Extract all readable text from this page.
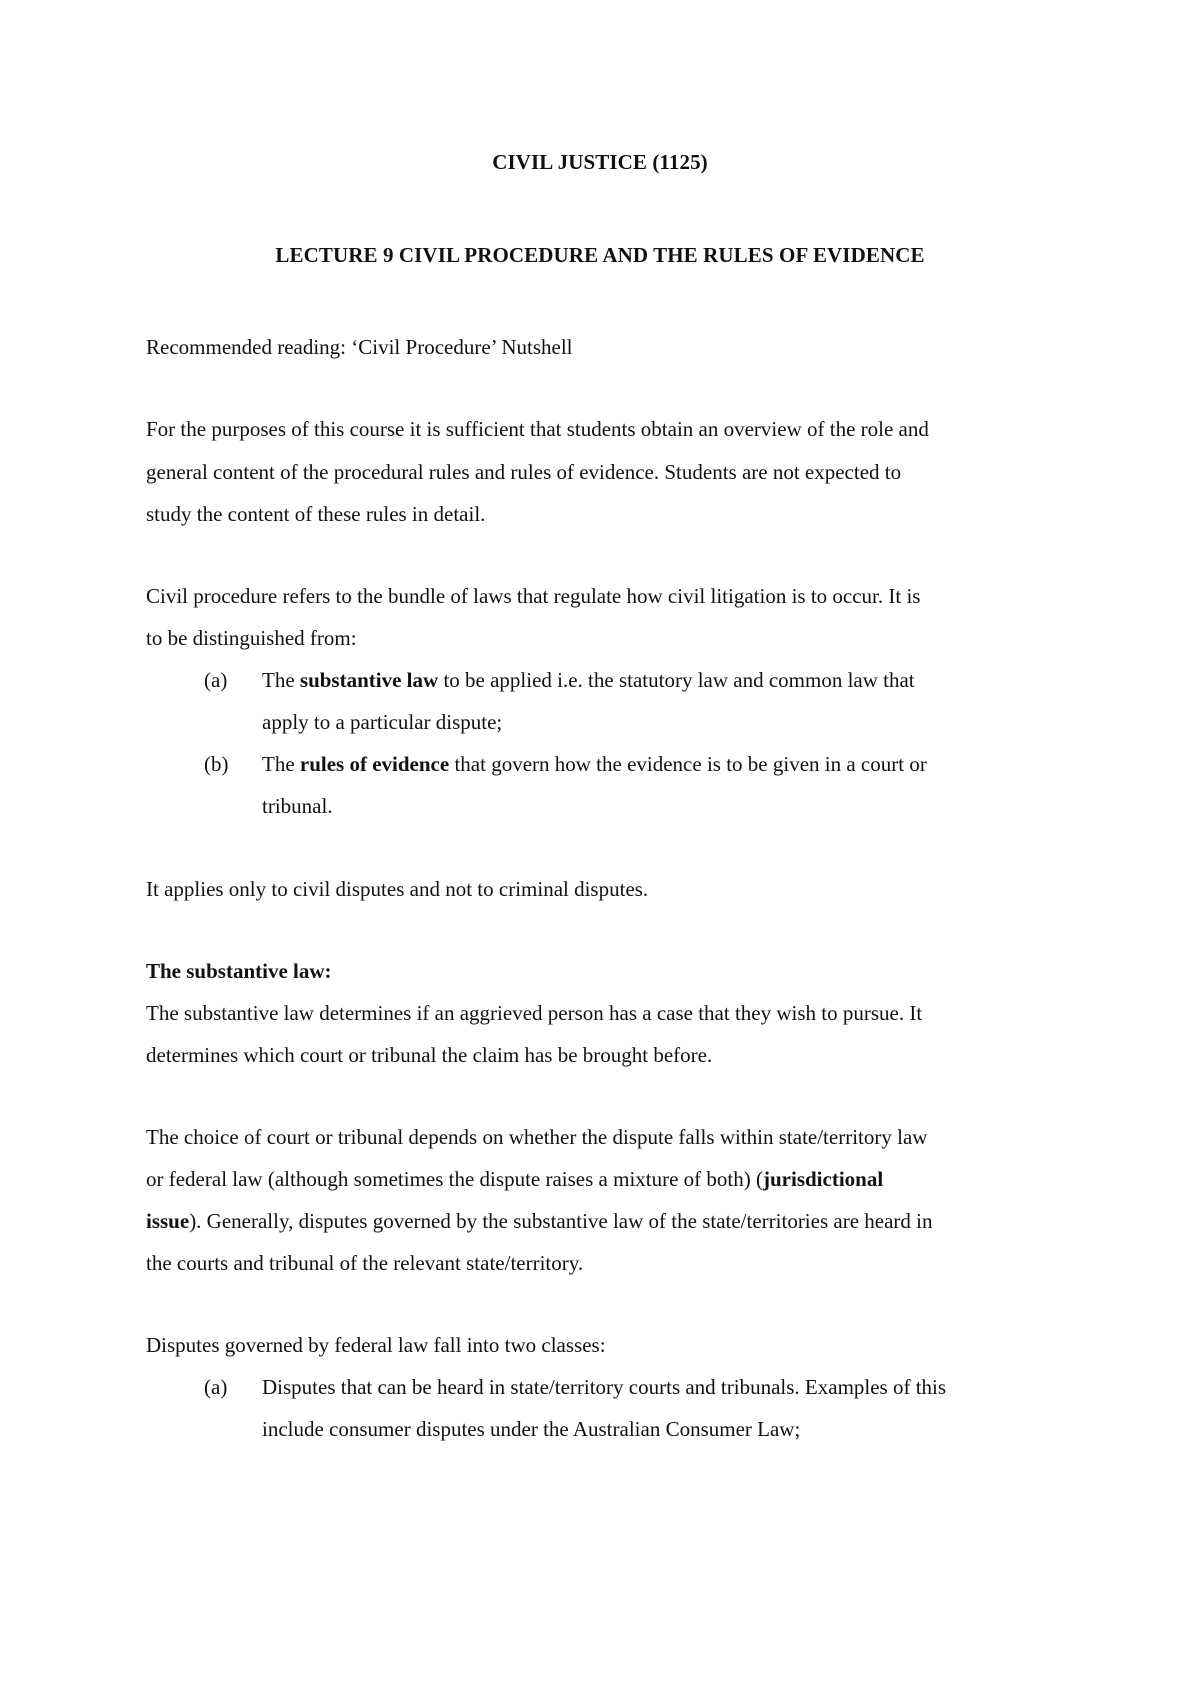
CIVIL JUSTICE (1125)
LECTURE 9 CIVIL PROCEDURE AND THE RULES OF EVIDENCE
Recommended reading: ‘Civil Procedure’ Nutshell
For the purposes of this course it is sufficient that students obtain an overview of the role and
general content of the procedural rules and rules of evidence. Students are not expected to
study the content of these rules in detail.
Civil procedure refers to the bundle of laws that regulate how civil litigation is to occur. It is
to be distinguished from:
(a) The substantive law to be applied i.e. the statutory law and common law that
apply to a particular dispute;
(b) The rules of evidence that govern how the evidence is to be given in a court or
tribunal.
It applies only to civil disputes and not to criminal disputes.
The substantive law:
The substantive law determines if an aggrieved person has a case that they wish to pursue. It
determines which court or tribunal the claim has be brought before.
The choice of court or tribunal depends on whether the dispute falls within state/territory law
or federal law (although sometimes the dispute raises a mixture of both) (jurisdictional
issue). Generally, disputes governed by the substantive law of the state/territories are heard in
the courts and tribunal of the relevant state/territory.
Disputes governed by federal law fall into two classes:
(a) Disputes that can be heard in state/territory courts and tribunals. Examples of this
include consumer disputes under the Australian Consumer Law;
